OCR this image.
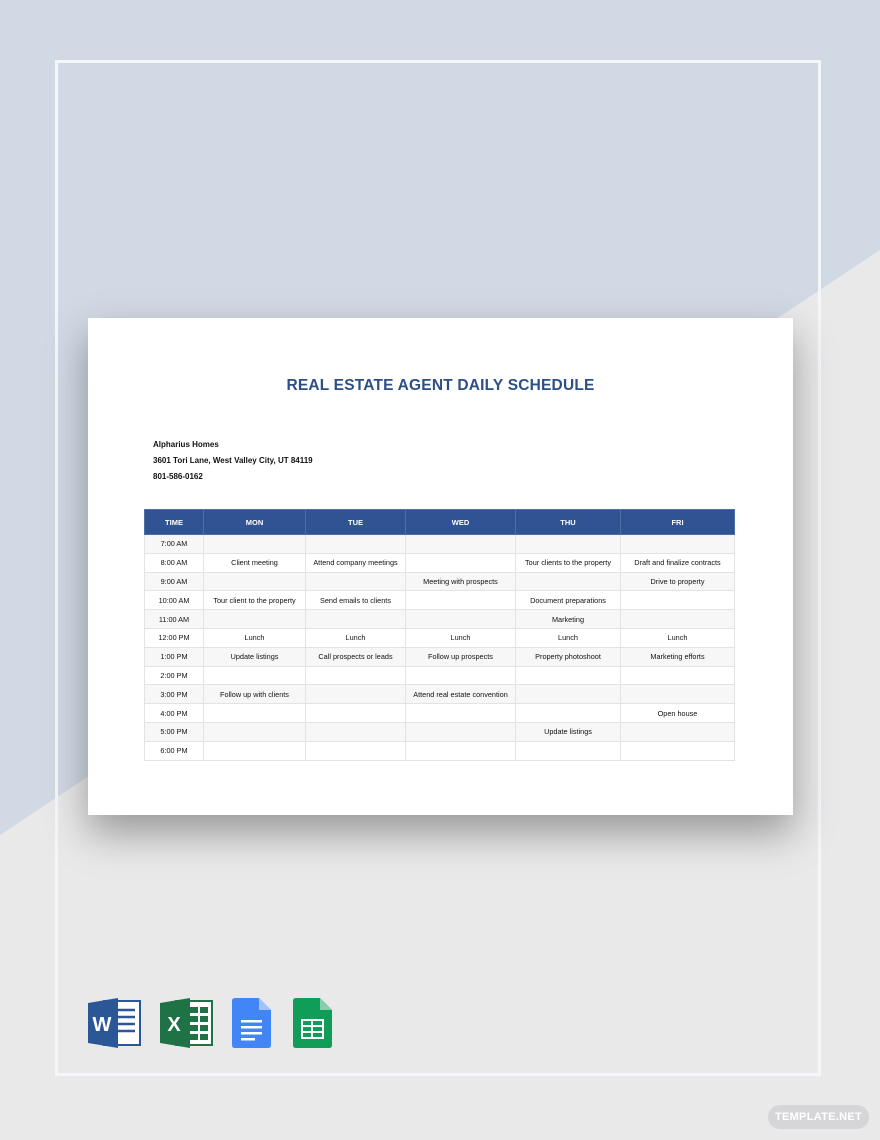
REAL ESTATE AGENT DAILY SCHEDULE
Alpharius Homes
3601 Tori Lane, West Valley City, UT 84119
801-586-0162
TIME	MON	TUE	WED	THU	FRI
7:00 AM					
8:00 AM	Client meeting	Attend company meetings		Tour clients to the property	Draft and finalize contracts
9:00 AM			Meeting with prospects		Drive to property
10:00 AM	Tour client to the property	Send emails to clients		Document preparations	
11:00 AM				Marketing	
12:00 PM	Lunch	Lunch	Lunch	Lunch	Lunch
1:00 PM	Update listings	Call prospects or leads	Follow up prospects	Property photoshoot	Marketing efforts
2:00 PM					
3:00 PM	Follow up with clients		Attend real estate convention		
4:00 PM					Open house
5:00 PM				Update listings	
6:00 PM					
W	X
TEMPLATE.NET
